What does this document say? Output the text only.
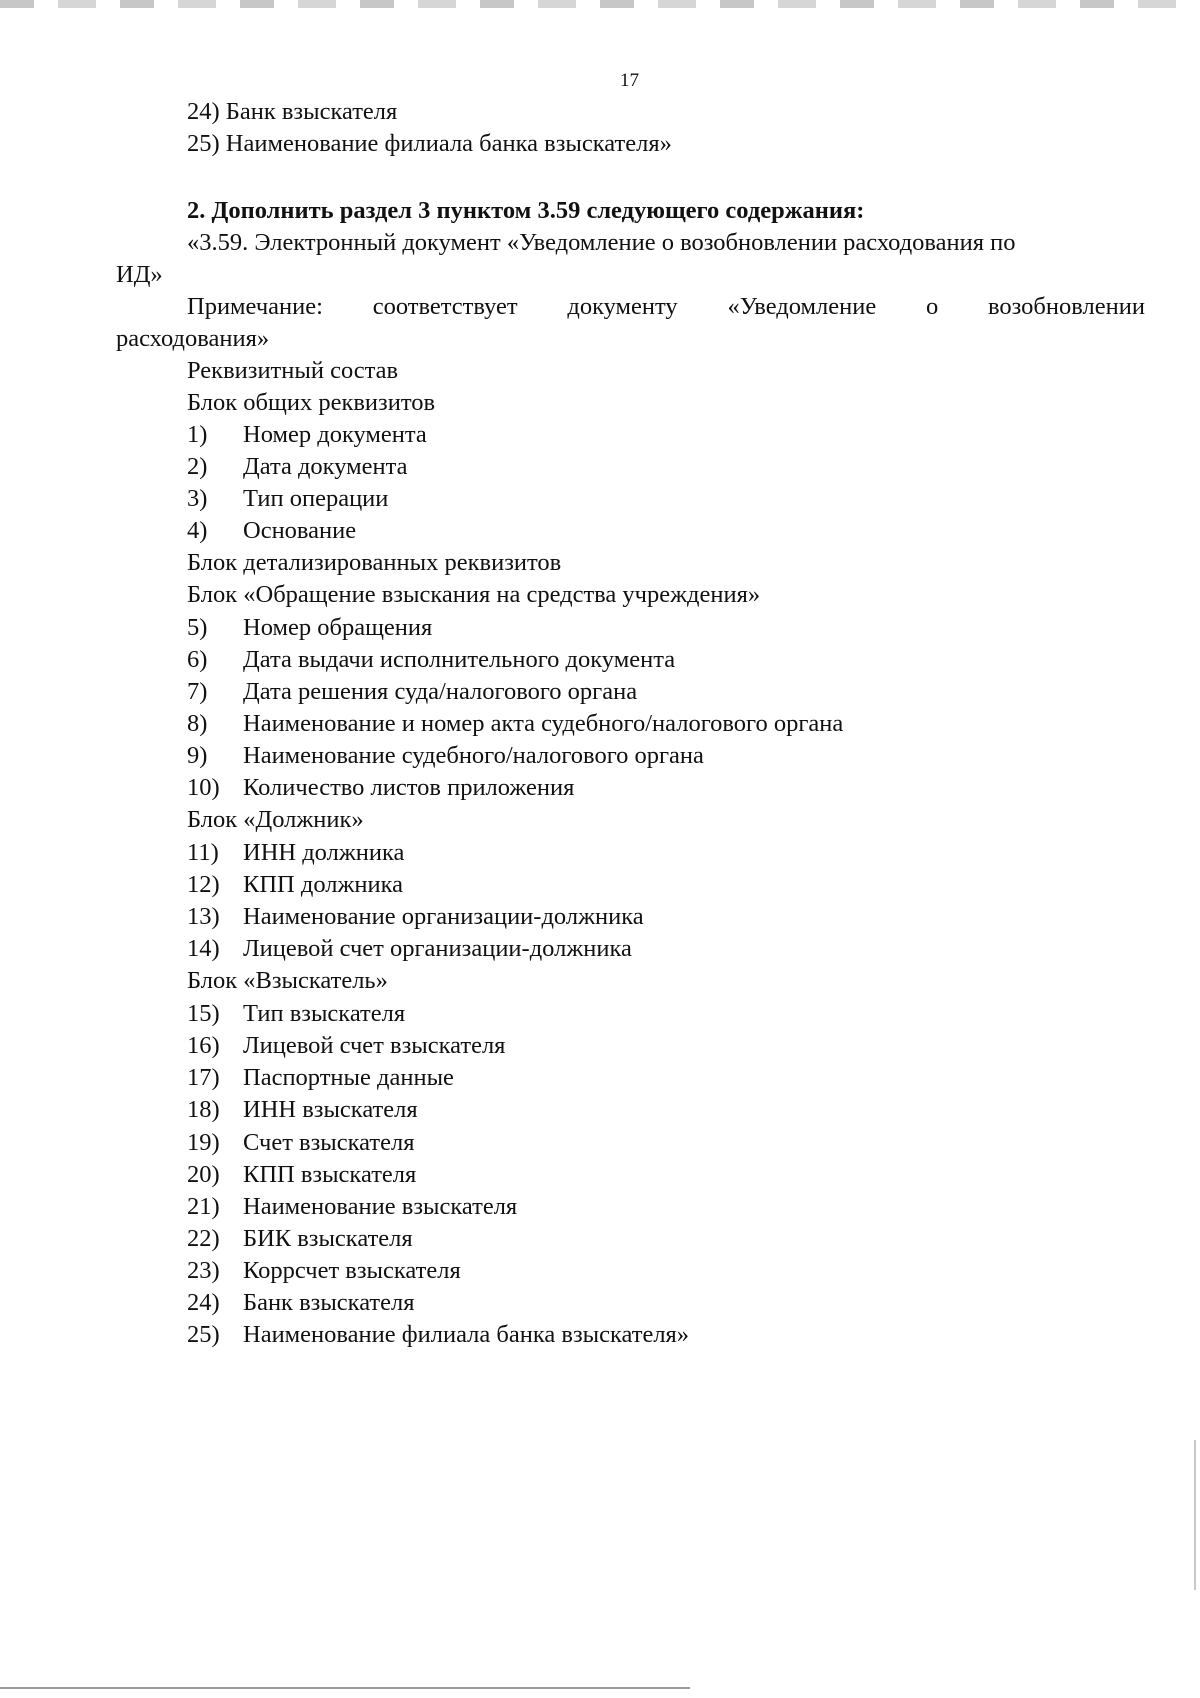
17
24) Банк взыскателя
25) Наименование филиала банка взыскателя»
2. Дополнить раздел 3 пунктом 3.59 следующего содержания:
«3.59. Электронный документ «Уведомление о возобновлении расходования по
ИД»
Примечание: соответствует документу «Уведомление о возобновлении
расходования»
Реквизитный состав
Блок общих реквизитов
1) Номер документа
2) Дата документа
3) Тип операции
4) Основание
Блок детализированных реквизитов
Блок «Обращение взыскания на средства учреждения»
5) Номер обращения
6) Дата выдачи исполнительного документа
7) Дата решения суда/налогового органа
8) Наименование и номер акта судебного/налогового органа
9) Наименование судебного/налогового органа
10) Количество листов приложения
Блок «Должник»
11) ИНН должника
12) КПП должника
13) Наименование организации-должника
14) Лицевой счет организации-должника
Блок «Взыскатель»
15) Тип взыскателя
16) Лицевой счет взыскателя
17) Паспортные данные
18) ИНН взыскателя
19) Счет взыскателя
20) КПП взыскателя
21) Наименование взыскателя
22) БИК взыскателя
23) Коррсчет взыскателя
24) Банк взыскателя
25) Наименование филиала банка взыскателя»
